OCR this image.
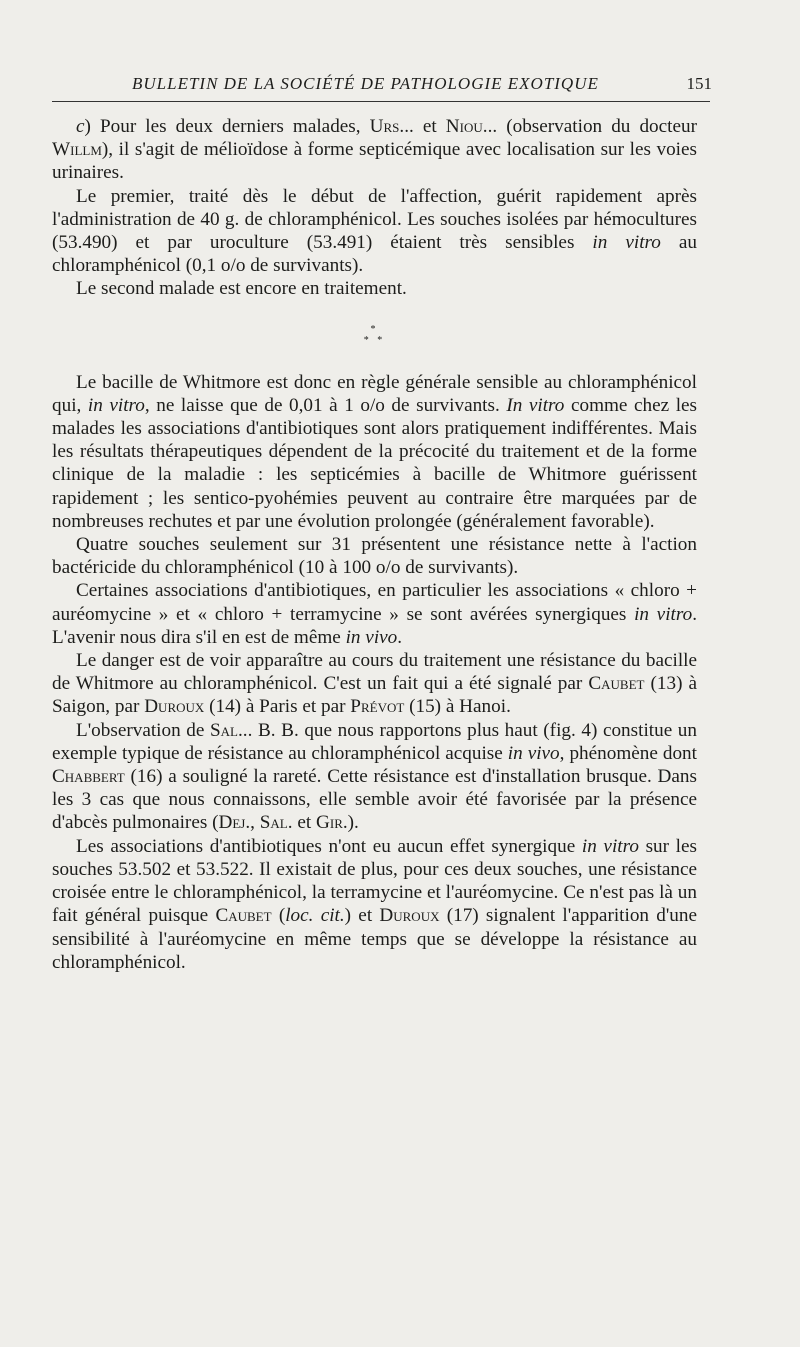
BULLETIN DE LA SOCIÉTÉ DE PATHOLOGIE EXOTIQUE	151

c) Pour les deux derniers malades, Urs... et Niou... (observation du docteur Willm), il s'agit de mélioïdose à forme septicémique avec localisation sur les voies urinaires.

Le premier, traité dès le début de l'affection, guérit rapidement après l'administration de 40 g. de chloramphénicol. Les souches isolées par hémocultures (53.490) et par uroculture (53.491) étaient très sensibles in vitro au chloramphénicol (0,1 o/o de survivants).

Le second malade est encore en traitement.

*
* *

Le bacille de Whitmore est donc en règle générale sensible au chloramphénicol qui, in vitro, ne laisse que de 0,01 à 1 o/o de survivants. In vitro comme chez les malades les associations d'antibiotiques sont alors pratiquement indifférentes. Mais les résultats thérapeutiques dépendent de la précocité du traitement et de la forme clinique de la maladie : les septicémies à bacille de Whitmore guérissent rapidement ; les sentico-pyohémies peuvent au contraire être marquées par de nombreuses rechutes et par une évolution prolongée (généralement favorable).

Quatre souches seulement sur 31 présentent une résistance nette à l'action bactéricide du chloramphénicol (10 à 100 o/o de survivants).

Certaines associations d'antibiotiques, en particulier les associations « chloro + auréomycine » et « chloro + terramycine » se sont avérées synergiques in vitro. L'avenir nous dira s'il en est de même in vivo.

Le danger est de voir apparaître au cours du traitement une résistance du bacille de Whitmore au chloramphénicol. C'est un fait qui a été signalé par Caubet (13) à Saigon, par Duroux (14) à Paris et par Prévot (15) à Hanoi.

L'observation de Sal... B. B. que nous rapportons plus haut (fig. 4) constitue un exemple typique de résistance au chloramphénicol acquise in vivo, phénomène dont Chabbert (16) a souligné la rareté. Cette résistance est d'installation brusque. Dans les 3 cas que nous connaissons, elle semble avoir été favorisée par la présence d'abcès pulmonaires (Dej., Sal. et Gir.).

Les associations d'antibiotiques n'ont eu aucun effet synergique in vitro sur les souches 53.502 et 53.522. Il existait de plus, pour ces deux souches, une résistance croisée entre le chloramphénicol, la terramycine et l'auréomycine. Ce n'est pas là un fait général puisque Caubet (loc. cit.) et Duroux (17) signalent l'apparition d'une sensibilité à l'auréomycine en même temps que se développe la résistance au chloramphénicol.
